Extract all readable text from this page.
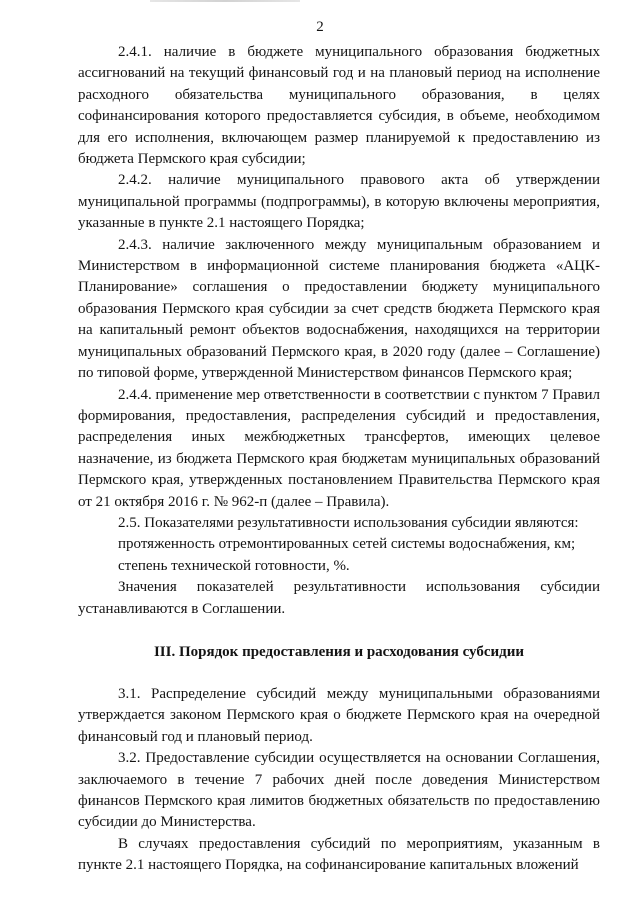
2

2.4.1. наличие в бюджете муниципального образования бюджетных ассигнований на текущий финансовый год и на плановый период на исполнение расходного обязательства муниципального образования, в целях софинансирования которого предоставляется субсидия, в объеме, необходимом для его исполнения, включающем размер планируемой к предоставлению из бюджета Пермского края субсидии;

2.4.2. наличие муниципального правового акта об утверждении муниципальной программы (подпрограммы), в которую включены мероприятия, указанные в пункте 2.1 настоящего Порядка;

2.4.3. наличие заключенного между муниципальным образованием и Министерством в информационной системе планирования бюджета «АЦК-Планирование» соглашения о предоставлении бюджету муниципального образования Пермского края субсидии за счет средств бюджета Пермского края на капитальный ремонт объектов водоснабжения, находящихся на территории муниципальных образований Пермского края, в 2020 году (далее – Соглашение) по типовой форме, утвержденной Министерством финансов Пермского края;

2.4.4. применение мер ответственности в соответствии с пунктом 7 Правил формирования, предоставления, распределения субсидий и предоставления, распределения иных межбюджетных трансфертов, имеющих целевое назначение, из бюджета Пермского края бюджетам муниципальных образований Пермского края, утвержденных постановлением Правительства Пермского края от 21 октября 2016 г. № 962-п (далее – Правила).

2.5. Показателями результативности использования субсидии являются:

протяженность отремонтированных сетей системы водоснабжения, км;

степень технической готовности, %.

Значения показателей результативности использования субсидии устанавливаются в Соглашении.

III. Порядок предоставления и расходования субсидии

3.1. Распределение субсидий между муниципальными образованиями утверждается законом Пермского края о бюджете Пермского края на очередной финансовый год и плановый период.

3.2. Предоставление субсидии осуществляется на основании Соглашения, заключаемого в течение 7 рабочих дней после доведения Министерством финансов Пермского края лимитов бюджетных обязательств по предоставлению субсидии до Министерства.

В случаях предоставления субсидий по мероприятиям, указанным в пункте 2.1 настоящего Порядка, на софинансирование капитальных вложений
